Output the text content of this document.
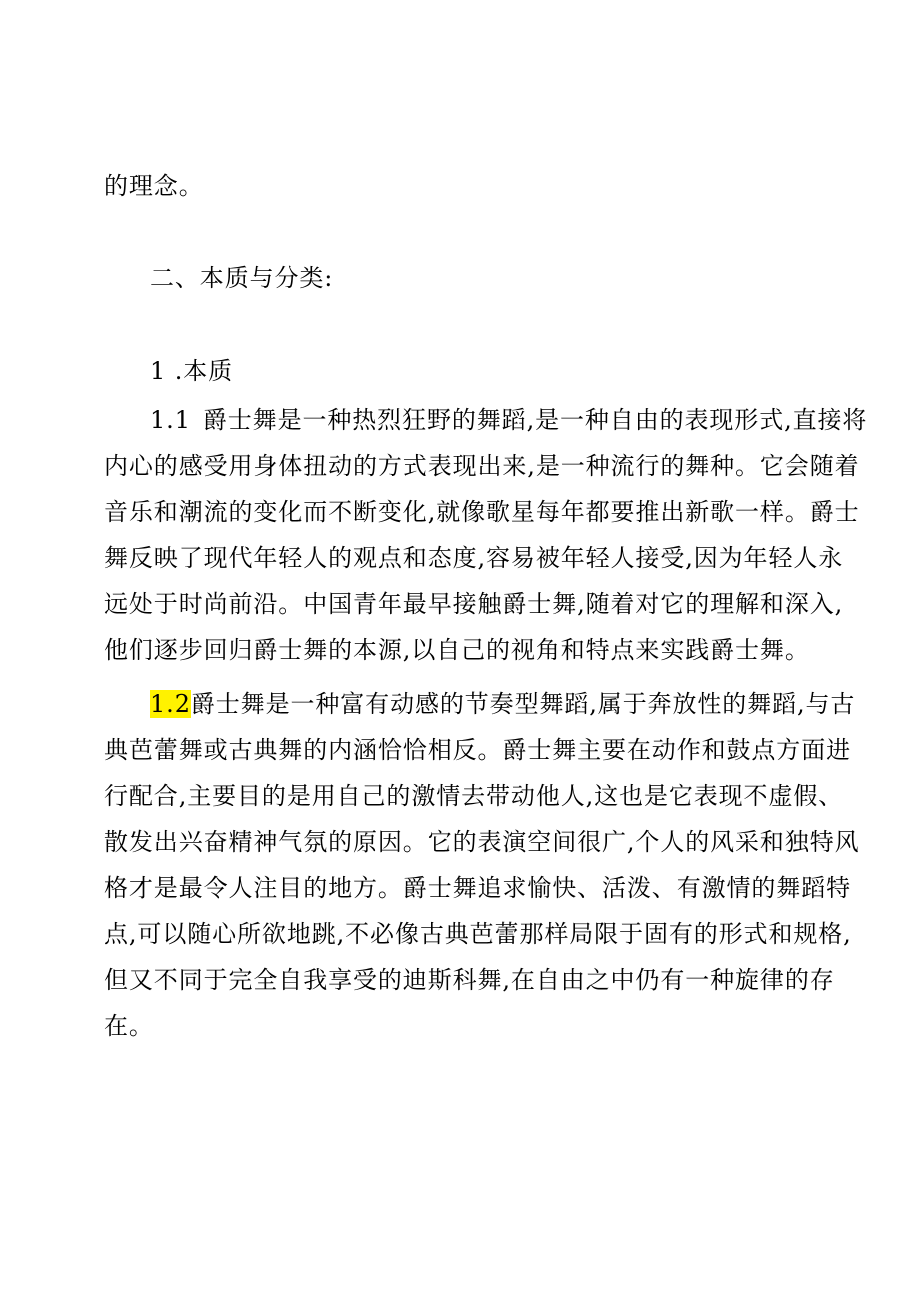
的理念。
二、本质与分类:
1 .本质
1.1 爵士舞是一种热烈狂野的舞蹈,是一种自由的表现形式,直接将
内心的感受用身体扭动的方式表现出来,是一种流行的舞种。它会随着
音乐和潮流的变化而不断变化,就像歌星每年都要推出新歌一样。爵士
舞反映了现代年轻人的观点和态度,容易被年轻人接受,因为年轻人永
远处于时尚前沿。中国青年最早接触爵士舞,随着对它的理解和深入,
他们逐步回归爵士舞的本源,以自己的视角和特点来实践爵士舞。
1.2爵士舞是一种富有动感的节奏型舞蹈,属于奔放性的舞蹈,与古
典芭蕾舞或古典舞的内涵恰恰相反。爵士舞主要在动作和鼓点方面进
行配合,主要目的是用自己的激情去带动他人,这也是它表现不虚假、
散发出兴奋精神气氛的原因。它的表演空间很广,个人的风采和独特风
格才是最令人注目的地方。爵士舞追求愉快、活泼、有激情的舞蹈特
点,可以随心所欲地跳,不必像古典芭蕾那样局限于固有的形式和规格,
但又不同于完全自我享受的迪斯科舞,在自由之中仍有一种旋律的存
在。
